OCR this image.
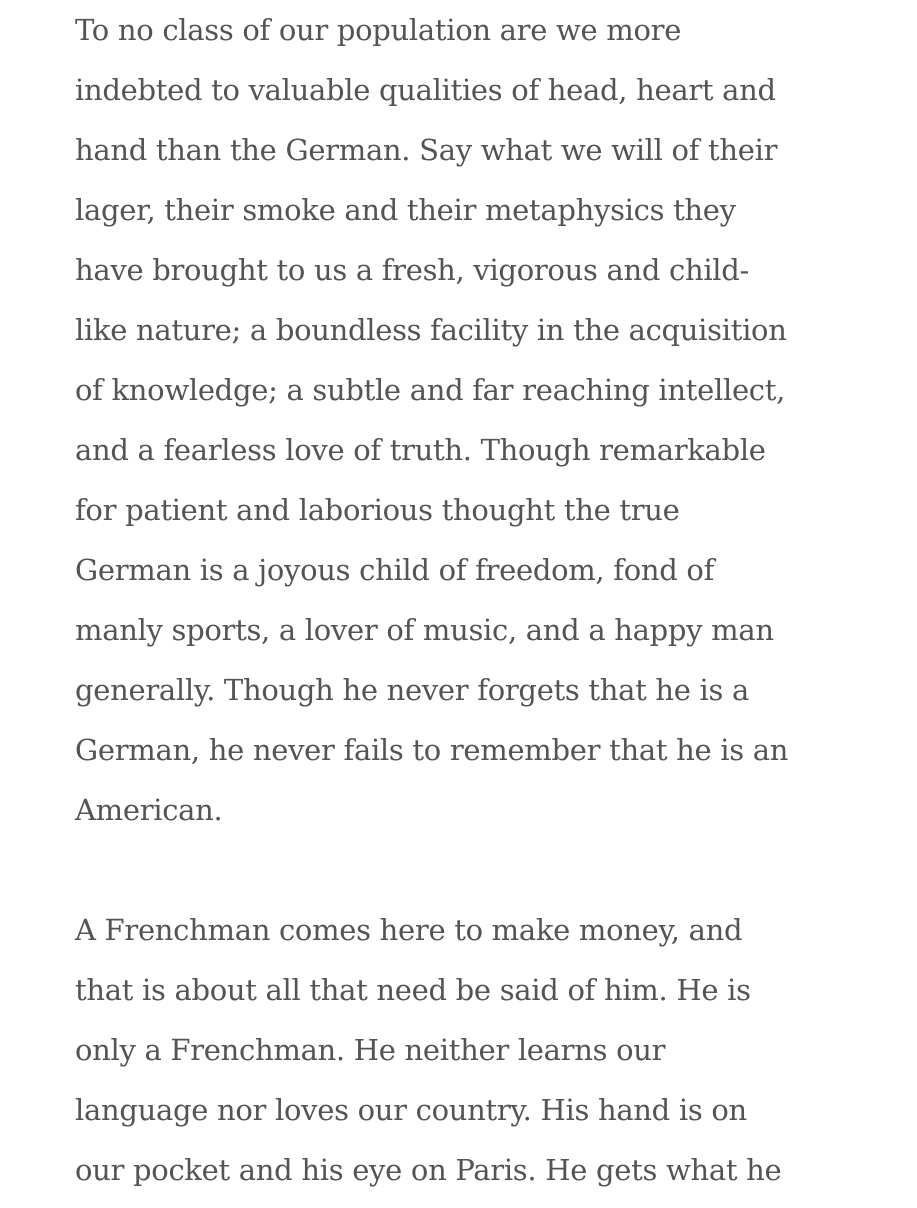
To no class of our population are we more
indebted to valuable qualities of head, heart and
hand than the German. Say what we will of their
lager, their smoke and their metaphysics they
have brought to us a fresh, vigorous and child-
like nature; a boundless facility in the acquisition
of knowledge; a subtle and far reaching intellect,
and a fearless love of truth. Though remarkable
for patient and laborious thought the true
German is a joyous child of freedom, fond of
manly sports, a lover of music, and a happy man
generally. Though he never forgets that he is a
German, he never fails to remember that he is an
American.
A Frenchman comes here to make money, and
that is about all that need be said of him. He is
only a Frenchman. He neither learns our
language nor loves our country. His hand is on
our pocket and his eye on Paris. He gets what he
